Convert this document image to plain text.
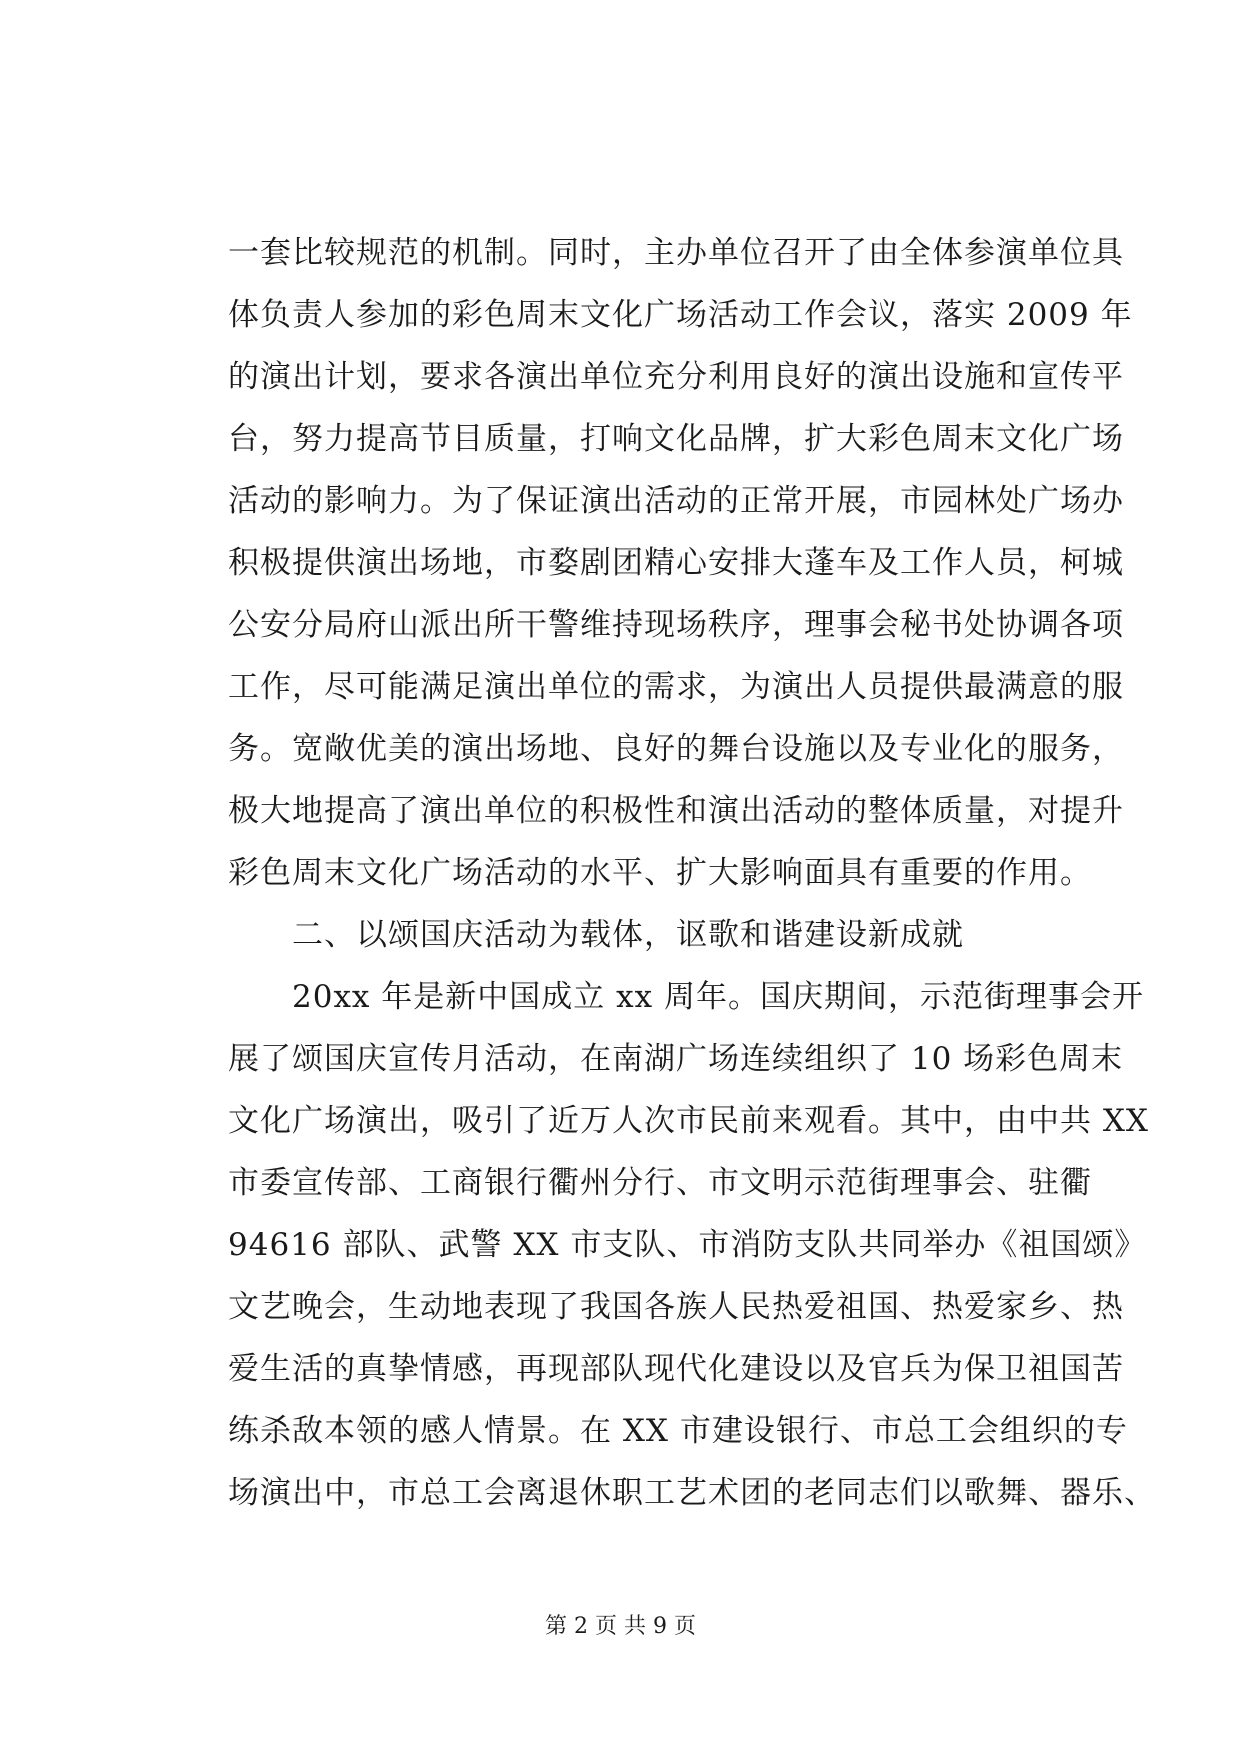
一套比较规范的机制。同时，主办单位召开了由全体参演单位具
体负责人参加的彩色周末文化广场活动工作会议，落实 2009 年
的演出计划，要求各演出单位充分利用良好的演出设施和宣传平
台，努力提高节目质量，打响文化品牌，扩大彩色周末文化广场
活动的影响力。为了保证演出活动的正常开展，市园林处广场办
积极提供演出场地，市婺剧团精心安排大蓬车及工作人员，柯城
公安分局府山派出所干警维持现场秩序，理事会秘书处协调各项
工作，尽可能满足演出单位的需求，为演出人员提供最满意的服
务。宽敞优美的演出场地、良好的舞台设施以及专业化的服务，
极大地提高了演出单位的积极性和演出活动的整体质量，对提升
彩色周末文化广场活动的水平、扩大影响面具有重要的作用。
二、以颂国庆活动为载体，讴歌和谐建设新成就
20xx 年是新中国成立 xx 周年。国庆期间，示范街理事会开
展了颂国庆宣传月活动，在南湖广场连续组织了 10 场彩色周末
文化广场演出，吸引了近万人次市民前来观看。其中，由中共 XX
市委宣传部、工商银行衢州分行、市文明示范街理事会、驻衢
94616 部队、武警 XX 市支队、市消防支队共同举办《祖国颂》
文艺晚会，生动地表现了我国各族人民热爱祖国、热爱家乡、热
爱生活的真挚情感，再现部队现代化建设以及官兵为保卫祖国苦
练杀敌本领的感人情景。在 XX 市建设银行、市总工会组织的专
场演出中，市总工会离退休职工艺术团的老同志们以歌舞、器乐、
第 2 页 共 9 页
